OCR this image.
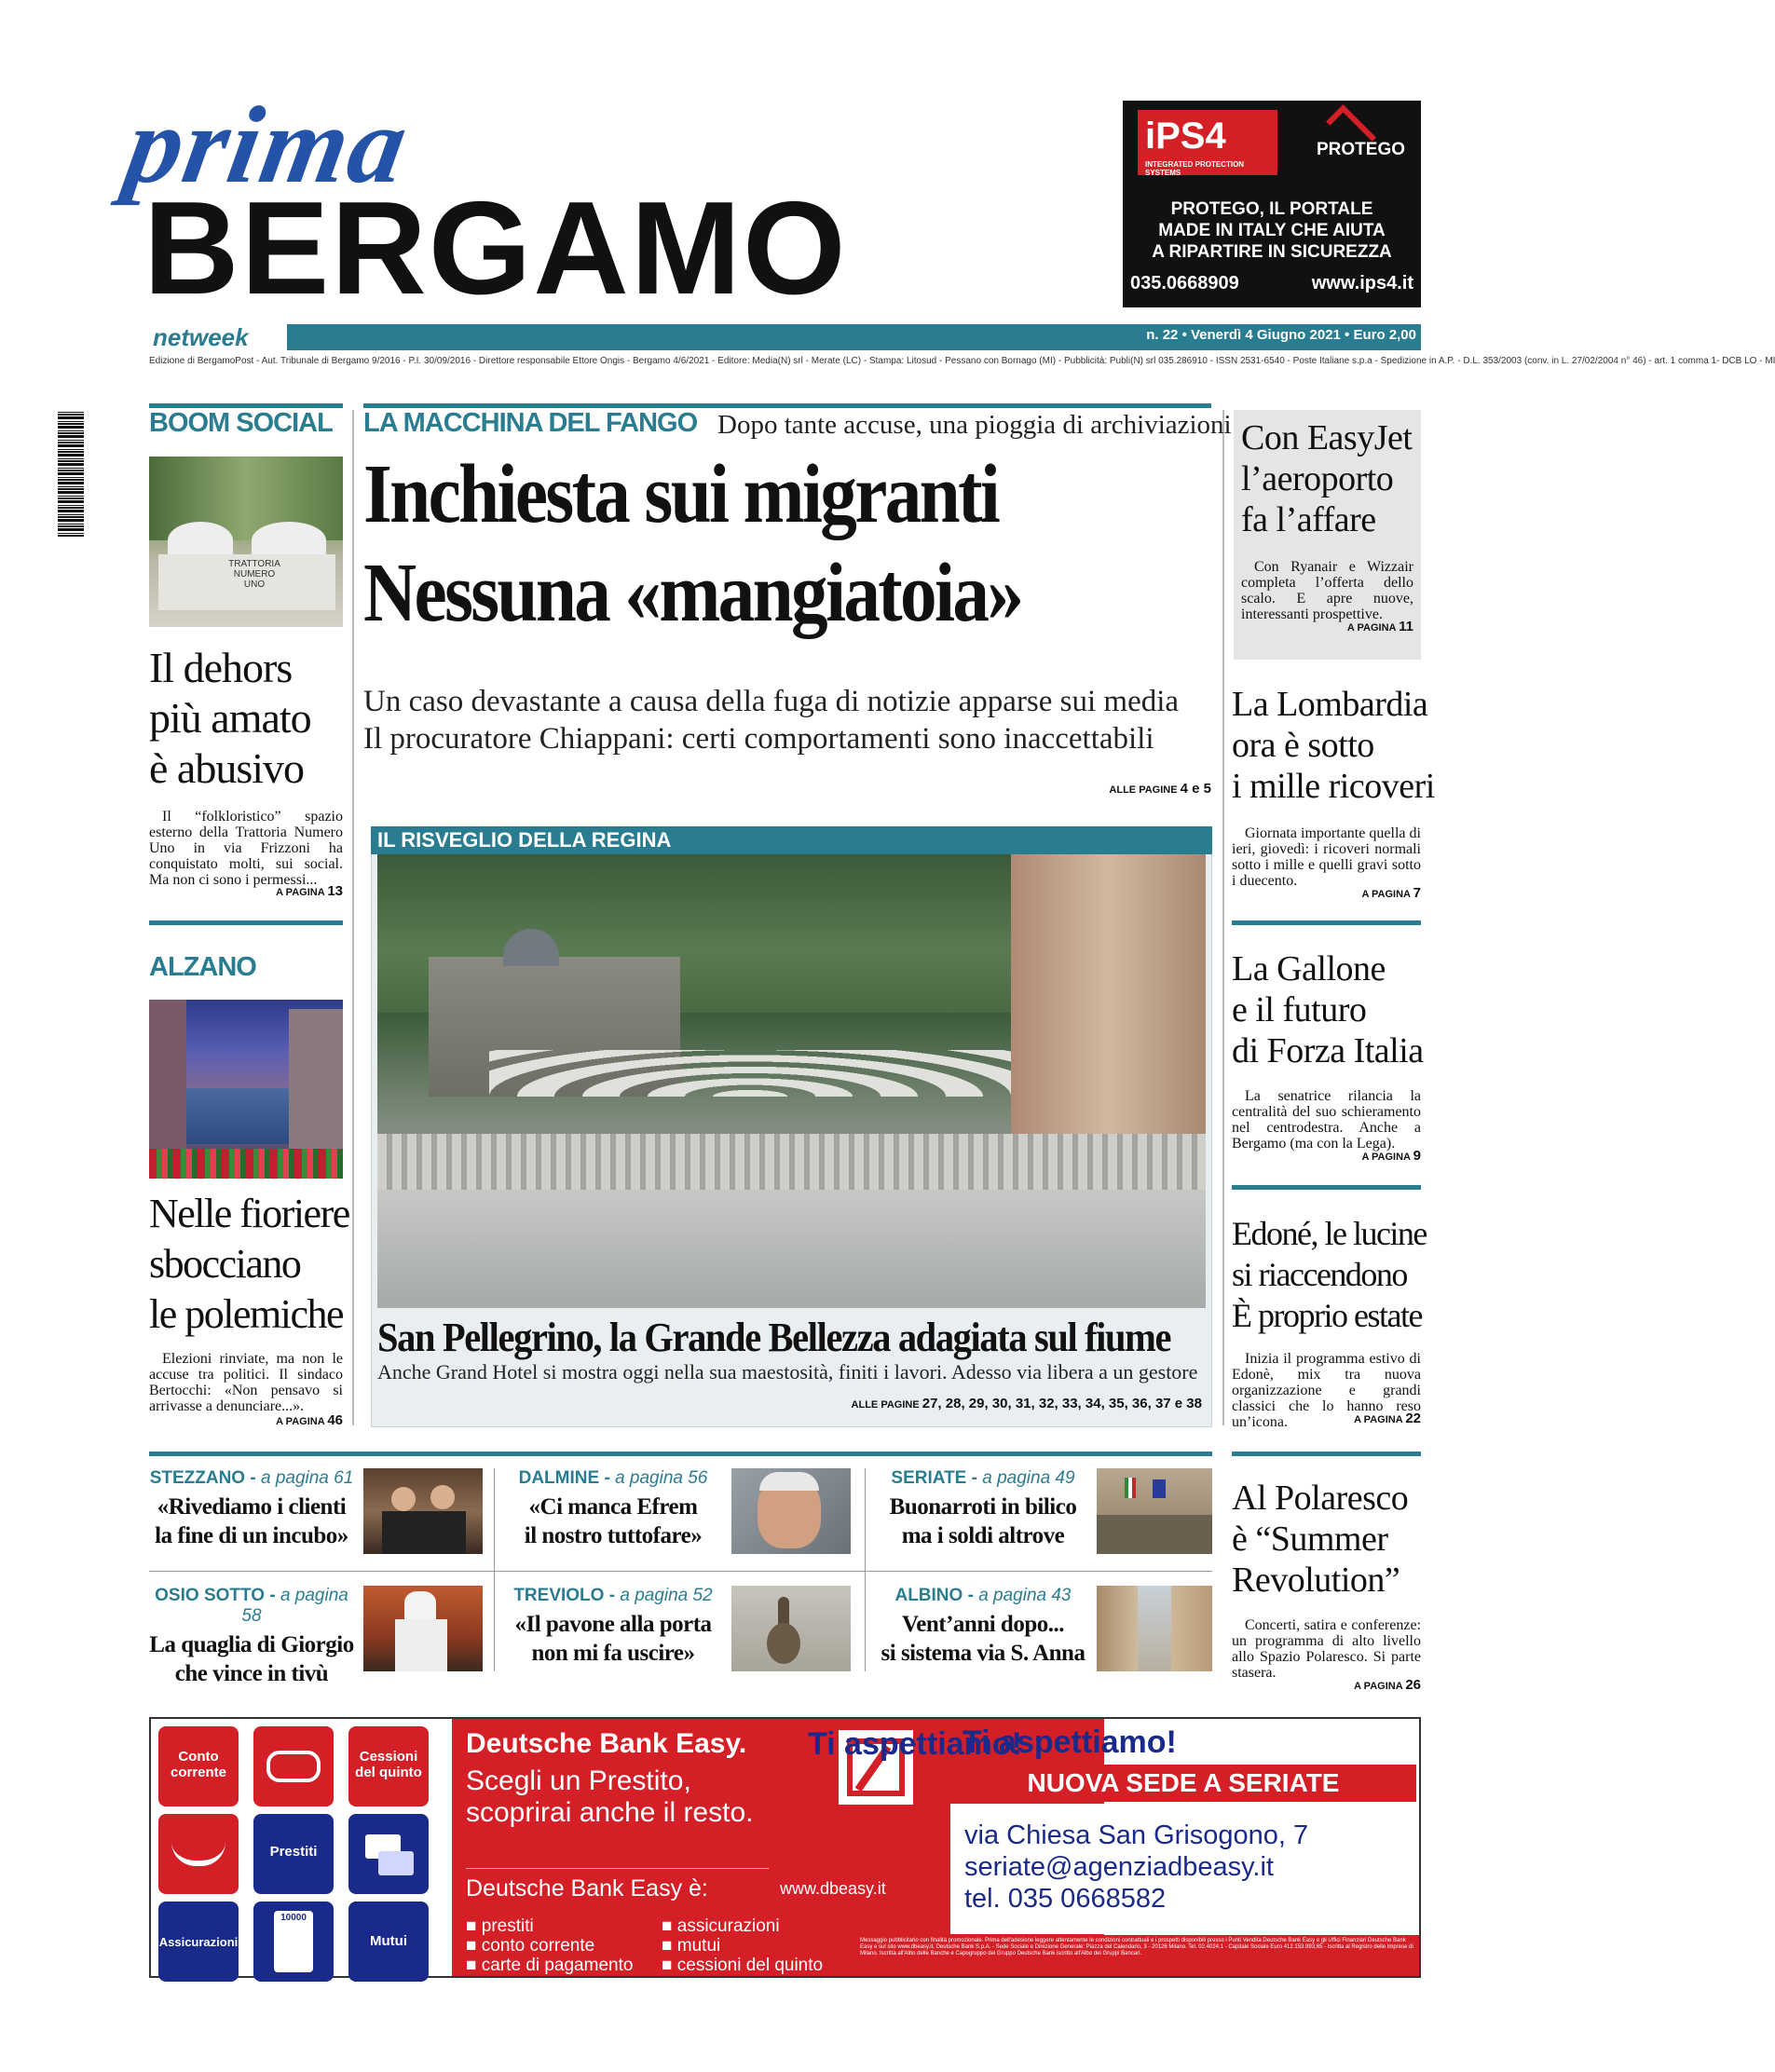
prima
BERGAMO
netweek	n. 22 • Venerdì 4 Giugno 2021 • Euro 2,00
Edizione di BergamoPost - Aut. Tribunale di Bergamo 9/2016 - P.I. 30/09/2016 - Direttore responsabile Ettore Ongis - Bergamo 4/6/2021 - Editore: Media(N) srl - Merate (LC) - Stampa: Litosud - Pessano con Bornago (MI) - Pubblicità: Publi(N) srl 035.286910 - ISSN 2531-6540 - Poste Italiane s.p.a - Spedizione in A.P. - D.L. 353/2003 (conv. in L. 27/02/2004 n° 46) - art. 1 comma 1- DCB LO - MI
iPS4
INTEGRATED PROTECTION SYSTEMS
PROTEGO
PROTEGO, IL PORTALE
MADE IN ITALY CHE AIUTA
A RIPARTIRE IN SICUREZZA
035.0668909	www.ips4.it
BOOM SOCIAL
TRATTORIA
NUMERO
UNO
Il dehors
più amato
è abusivo
Il “folkloristico” spazio esterno della Trattoria Numero Uno in via Frizzoni ha conquistato molti, sui social. Ma non ci sono i permessi...
A PAGINA 13
ALZANO
Nelle fioriere
sbocciano
le polemiche
Elezioni rinviate, ma non le accuse tra politici. Il sindaco Bertocchi: «Non pensavo si arrivasse a denunciare...».
A PAGINA 46
LA MACCHINA DEL FANGO Dopo tante accuse, una pioggia di archiviazioni
Inchiesta sui migranti
Nessuna «mangiatoia»
Un caso devastante a causa della fuga di notizie apparse sui media
Il procuratore Chiappani: certi comportamenti sono inaccettabili
ALLE PAGINE 4 e 5
IL RISVEGLIO DELLA REGINA
San Pellegrino, la Grande Bellezza adagiata sul fiume
Anche Grand Hotel si mostra oggi nella sua maestosità, finiti i lavori. Adesso via libera a un gestore
ALLE PAGINE 27, 28, 29, 30, 31, 32, 33, 34, 35, 36, 37 e 38
Con EasyJet
l’aeroporto
fa l’affare
Con Ryanair e Wizzair completa l’offerta dello scalo. E apre nuove, interessanti prospettive.
A PAGINA 11
La Lombardia
ora è sotto
i mille ricoveri
Giornata importante quella di ieri, giovedì: i ricoveri normali sotto i mille e quelli gravi sotto i duecento.
A PAGINA 7
La Gallone
e il futuro
di Forza Italia
La senatrice rilancia la centralità del suo schieramento nel centrodestra. Anche a Bergamo (ma con la Lega).
A PAGINA 9
Edoné, le lucine
si riaccendono
È proprio estate
Inizia il programma estivo di Edonè, mix tra nuova organizzazione e grandi classici che lo hanno reso un’icona.	A PAGINA 22
Al Polaresco
è “Summer
Revolution”
Concerti, satira e conferenze: un programma di alto livello allo Spazio Polaresco. Si parte stasera.
A PAGINA 26
STEZZANO - a pagina 61
«Rivediamo i clienti
la fine di un incubo»
DALMINE - a pagina 56
«Ci manca Efrem
il nostro tuttofare»
SERIATE - a pagina 49
Buonarroti in bilico
ma i soldi altrove
OSIO SOTTO - a pagina 58
La quaglia di Giorgio
che vince in tivù
TREVIOLO - a pagina 52
«Il pavone alla porta
non mi fa uscire»
ALBINO - a pagina 43
Vent’anni dopo...
si sistema via S. Anna
Conto corrente
Cessioni del quinto
Prestiti
Assicurazioni
10000
Mutui
Deutsche Bank Easy.
Scegli un Prestito,
scoprirai anche il resto.
Deutsche Bank Easy è:	www.dbeasy.it
■ prestiti
■ conto corrente
■ carte di pagamento
■ assicurazioni
■ mutui
■ cessioni del quinto
Ti aspettiamo!
Ti aspettiamo!
NUOVA SEDE A SERIATE
via Chiesa San Grisogono, 7
seriate@agenziadbeasy.it
tel. 035 0668582
Messaggio pubblicitario con finalità promozionale. Prima dell'adesione leggere attentamente le condizioni contrattuali e i prospetti disponibili presso i Punti Vendita Deutsche Bank Easy e gli Uffici Finanziari Deutsche Bank Easy e sul sito www.dbeasy.it. Deutsche Bank S.p.A. - Sede Sociale e Direzione Generale: Piazza del Calendario, 3 - 20126 Milano. Tel. 02.4024.1 - Capitale Sociale Euro 412.153.993,65 - Iscritta al Registro delle Imprese di Milano. Iscritta all'Albo delle Banche e Capogruppo del Gruppo Deutsche Bank iscritto all'Albo dei Gruppi Bancari.
